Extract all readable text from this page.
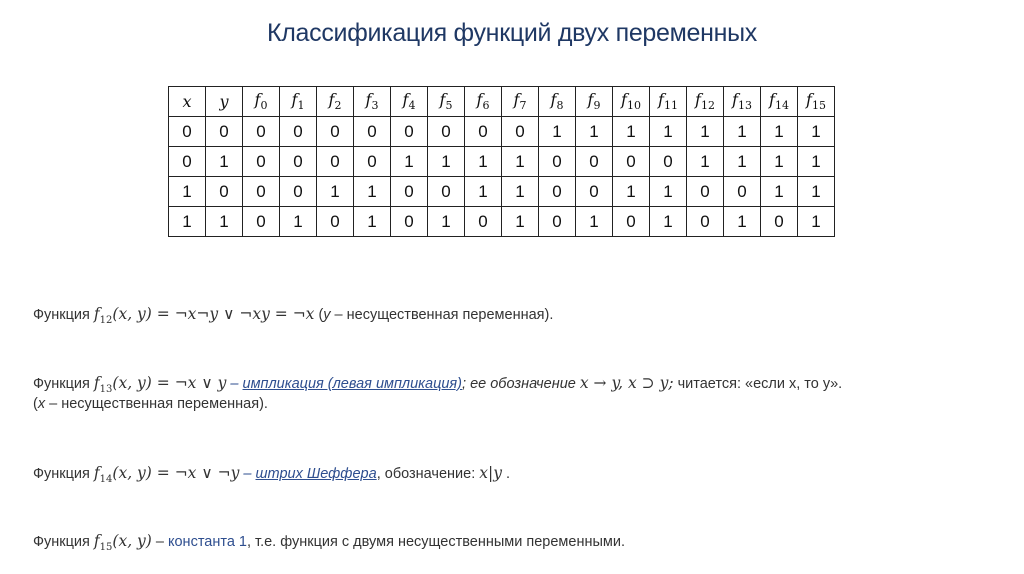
Классификация функций двух переменных
x	y	$f_0$	$f_1$	$f_2$	$f_3$	$f_4$	$f_5$	$f_6$	$f_7$	$f_8$	$f_9$	$f_{10}$	$f_{11}$	$f_{12}$	$f_{13}$	$f_{14}$	$f_{15}$
0	0	0	0	0	0	0	0	0	0	1	1	1	1	1	1	1	1
0	1	0	0	0	0	1	1	1	1	0	0	0	0	1	1	1	1
1	0	0	0	1	1	0	0	1	1	0	0	1	1	0	0	1	1
1	1	0	1	0	1	0	1	0	1	0	1	0	1	0	1	0	1
Функция $f_{12}(x$, y) = ¬x¬y ∨ ¬xy = ¬x (y – несущественная переменная).
Функция $f_{13}(x$, y) = ¬x ∨ y – импликация (левая импликация); ее обозначение x → y, x ⊃ y; читается: «если x, то y».
(x – несущественная переменная).
Функция $f_{14}(x$, y) = ¬x ∨ ¬y – штрих Шеффера, обозначение: x|y .
Функция $f_{15}(x$, y) – константа 1, т.е. функция с двумя несущественными переменными.
